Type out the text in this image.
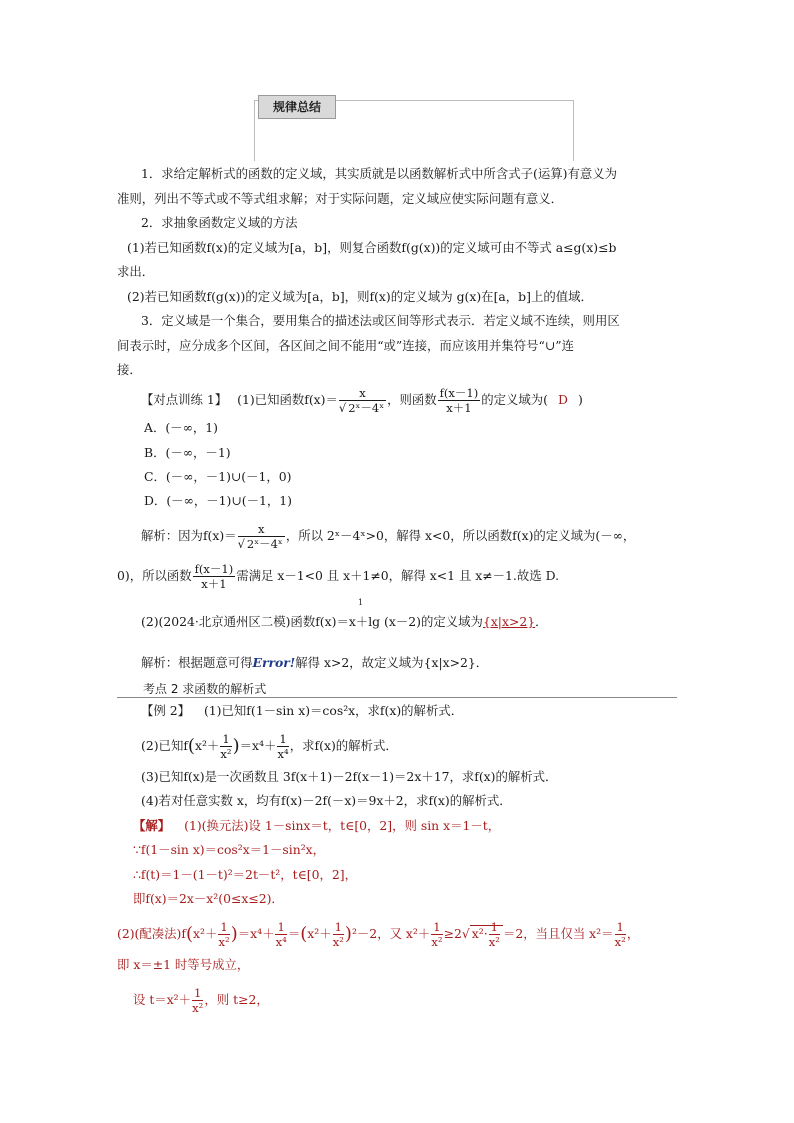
规律总结
1．求给定解析式的函数的定义域，其实质就是以函数解析式中所含式子(运算)有意义为
准则，列出不等式或不等式组求解；对于实际问题，定义域应使实际问题有意义．
2．求抽象函数定义域的方法
(1)若已知函数f(x)的定义域为[a，b]，则复合函数f(g(x))的定义域可由不等式 a≤g(x)≤b
求出．
(2)若已知函数f(g(x))的定义域为[a，b]，则f(x)的定义域为 g(x)在[a，b]上的值域．
3．定义域是一个集合，要用集合的描述法或区间等形式表示．若定义域不连续，则用区
间表示时，应分成多个区间，各区间之间不能用“或”连接，而应该用并集符号“∪”连
接．
【对点训练 1】 (1)已知函数$f(x)= \frac{x}{\text{√ 2ˣ－4ˣ}}$ ，则函数 $\frac{f(x-1)}{x+1}$ 的定义域为( D )
A．(－∞，1)
B．(－∞，－1)
C．(－∞，－1)∪(－1，0)
D．(－∞，－1)∪(－1，1)
解析：因为$f(x)= \frac{x}{\text{√ 2ˣ－4ˣ}}$ ，所以 2ˣ－4ˣ>0，解得 x<0，所以函数f(x)的定义域为(－∞，
0)，所以函数 $\frac{f(x-1)}{x+1}$ 需满足 x－1<0 且 x＋1≠0，解得 x<1 且 x≠－1.故选 D.
1
(2)(2024·北京通州区二模)函数f(x)＝x＋lg (x－2)的定义域为{x|x>2}．
解析：根据题意可得Error!解得 x>2，故定义域为{x|x>2}．
考点 2 求函数的解析式
【例 2】 (1)已知f(1－sin x)＝cos²x，求f(x)的解析式．
(2)已知$f(x^2+ \frac{1}{\text{x²}} )=x^4+ \frac{1}{\text{x⁴}}$ ，求f(x)的解析式．
(3)已知f(x)是一次函数且 3f(x＋1)－2f(x－1)＝2x＋17，求f(x)的解析式．
(4)若对任意实数 x，均有f(x)－2f(－x)＝9x＋2，求f(x)的解析式．
【解】 (1)(换元法)设 1－sinx＝t，t∈[0，2]，则 sin x＝1－t，
∵f(1－sin x)＝cos²x＝1－sin²x，
∴f(t)＝1－(1－t)²＝2t－t²，t∈[0，2]，
即f(x)＝2x－x²(0≤x≤2)．
(2)(配凑法)$f(x^2+ \frac{1}{\text{x²}} )=x^4+ \frac{1}{\text{x⁴}} =(x^2+ \frac{1}{\text{x²}} )^2-2$，又 $x^2+ \frac{1}{\text{x²}} \ge 2√$ $x^2\cdot \frac{1}{\text{x²}} =2$，当且仅当 $x^2= \frac{1}{\text{x²}}$ ，
即 x＝±1 时等号成立，
设 $t=x^2+ \frac{1}{\text{x²}}$ ，则 t≥2，
